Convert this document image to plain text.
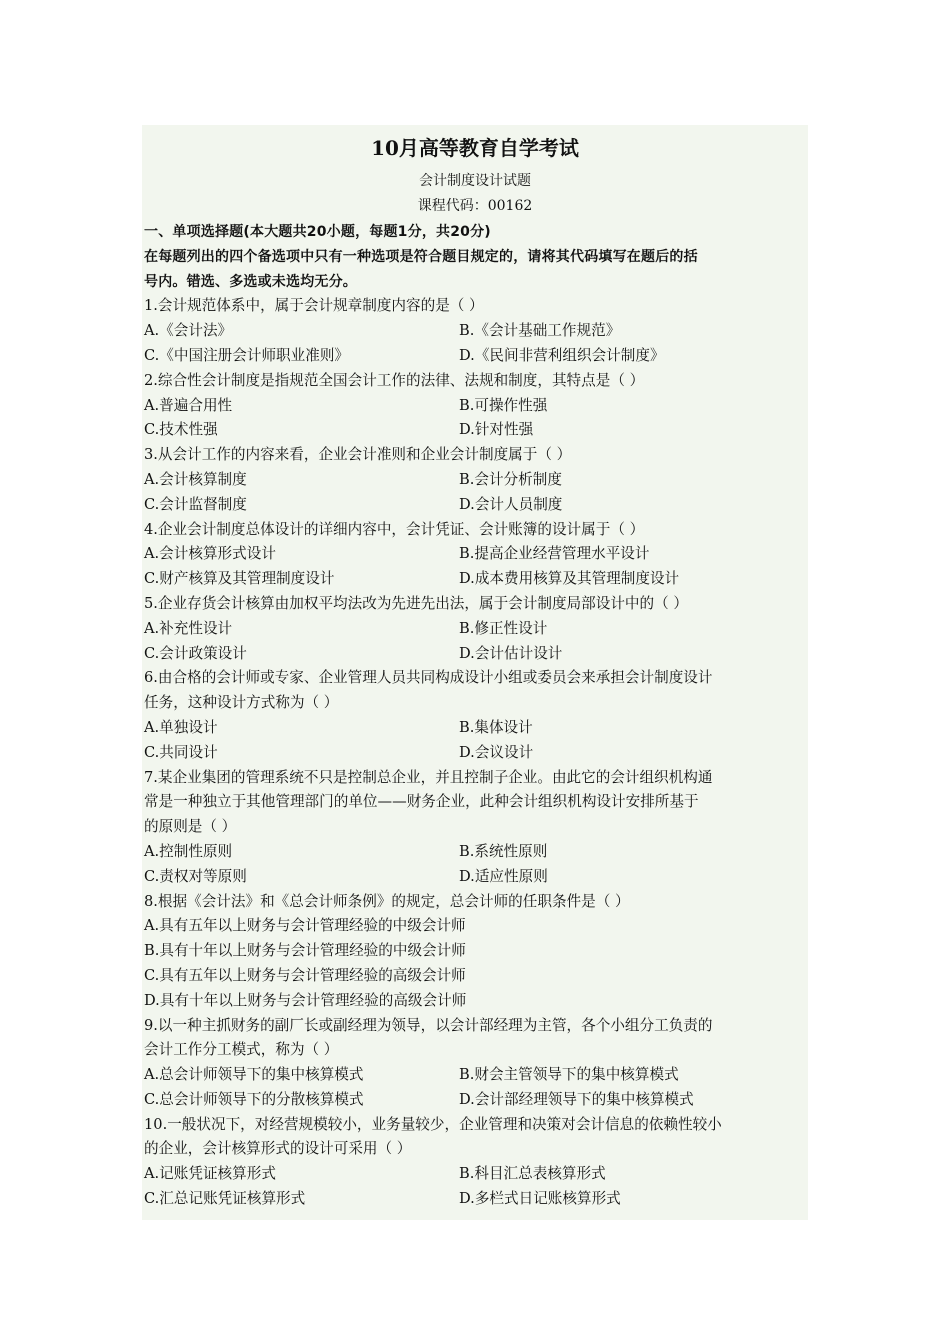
10月高等教育自学考试
会计制度设计试题
课程代码：00162
一、单项选择题(本大题共20小题，每题1分，共20分)
在每题列出的四个备选项中只有一种选项是符合题目规定的，请将其代码填写在题后的括
号内。错选、多选或未选均无分。
1.会计规范体系中，属于会计规章制度内容的是（ ）
A.《会计法》	B.《会计基础工作规范》
C.《中国注册会计师职业准则》	D.《民间非营利组织会计制度》
2.综合性会计制度是指规范全国会计工作的法律、法规和制度，其特点是（ ）
A.普遍合用性	B.可操作性强
C.技术性强	D.针对性强
3.从会计工作的内容来看，企业会计准则和企业会计制度属于（ ）
A.会计核算制度	B.会计分析制度
C.会计监督制度	D.会计人员制度
4.企业会计制度总体设计的详细内容中，会计凭证、会计账簿的设计属于（ ）
A.会计核算形式设计	B.提高企业经营管理水平设计
C.财产核算及其管理制度设计	D.成本费用核算及其管理制度设计
5.企业存货会计核算由加权平均法改为先进先出法，属于会计制度局部设计中的（ ）
A.补充性设计	B.修正性设计
C.会计政策设计	D.会计估计设计
6.由合格的会计师或专家、企业管理人员共同构成设计小组或委员会来承担会计制度设计
任务，这种设计方式称为（ ）
A.单独设计	B.集体设计
C.共同设计	D.会议设计
7.某企业集团的管理系统不只是控制总企业，并且控制子企业。由此它的会计组织机构通
常是一种独立于其他管理部门的单位——财务企业，此种会计组织机构设计安排所基于
的原则是（ ）
A.控制性原则	B.系统性原则
C.责权对等原则	D.适应性原则
8.根据《会计法》和《总会计师条例》的规定，总会计师的任职条件是（ ）
A.具有五年以上财务与会计管理经验的中级会计师
B.具有十年以上财务与会计管理经验的中级会计师
C.具有五年以上财务与会计管理经验的高级会计师
D.具有十年以上财务与会计管理经验的高级会计师
9.以一种主抓财务的副厂长或副经理为领导，以会计部经理为主管，各个小组分工负责的
会计工作分工模式，称为（ ）
A.总会计师领导下的集中核算模式	B.财会主管领导下的集中核算模式
C.总会计师领导下的分散核算模式	D.会计部经理领导下的集中核算模式
10.一般状况下，对经营规模较小，业务量较少，企业管理和决策对会计信息的依赖性较小
的企业，会计核算形式的设计可采用（ ）
A.记账凭证核算形式	B.科目汇总表核算形式
C.汇总记账凭证核算形式	D.多栏式日记账核算形式
